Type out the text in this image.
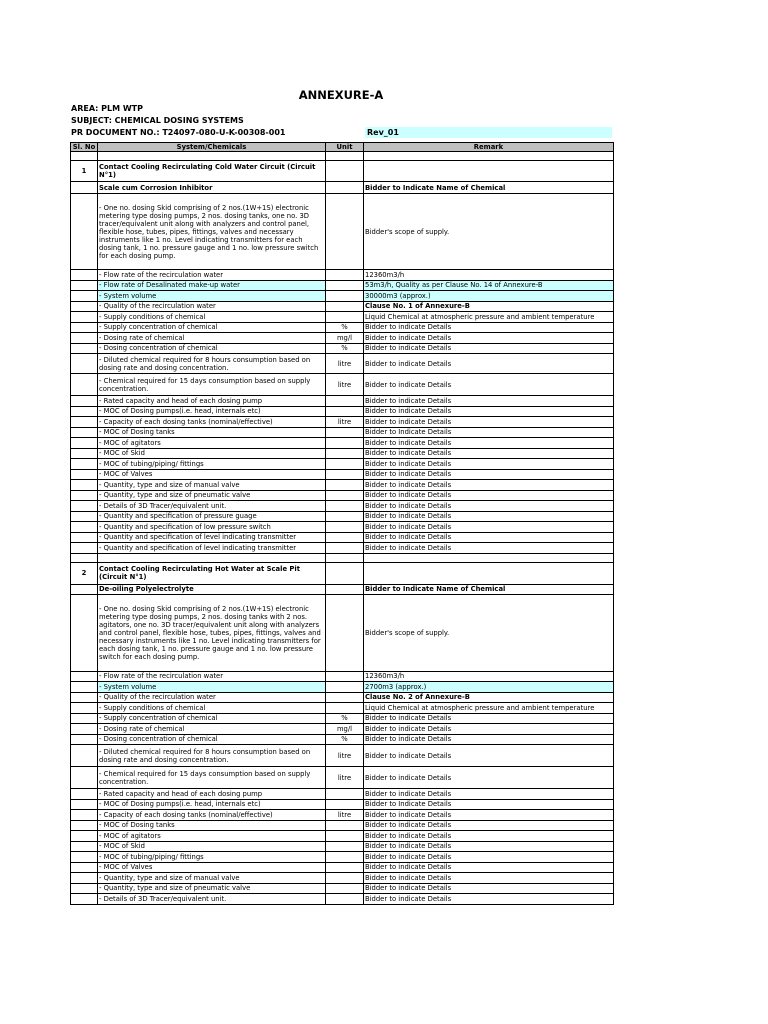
ANNEXURE-A
AREA: PLM WTP
SUBJECT: CHEMICAL DOSING SYSTEMS
PR DOCUMENT NO.: T24097-080-U-K-00308-001	Rev_01
Sl. No	System/Chemicals	Unit	Remark

1	Contact Cooling Recirculating Cold Water Circuit (Circuit N°1)		
	Scale cum Corrosion Inhibitor		Bidder to Indicate Name of Chemical
	- One no. dosing Skid comprising of 2 nos.(1W+1S) electronic metering type dosing pumps, 2 nos. dosing tanks, one no. 3D tracer/equivalent unit along with analyzers and control panel, flexible hose, tubes, pipes, fittings, valves and necessary instruments like 1 no. Level indicating transmitters for each dosing tank, 1 no. pressure gauge and 1 no. low pressure switch for each dosing pump.		Bidder's scope of supply.
	- Flow rate of the recirculation water		12360m3/h
	- Flow rate of Desalinated make-up water		53m3/h, Quality as per Clause No. 14 of Annexure-B
	- System volume		30000m3 (approx.)
	- Quality of the recirculation water		Clause No. 1 of Annexure-B
	- Supply conditions of chemical		Liquid Chemical at atmospheric pressure and ambient temperature
	- Supply concentration of chemical	%	Bidder to indicate Details
	- Dosing rate of chemical	mg/l	Bidder to indicate Details
	- Dosing concentration of chemical	%	Bidder to indicate Details
	- Diluted chemical required for 8 hours consumption based on dosing rate and dosing concentration.	litre	Bidder to indicate Details
	- Chemical required for 15 days consumption based on supply concentration.	litre	Bidder to indicate Details
	- Rated capacity and head of each dosing pump		Bidder to indicate Details
	- MOC of Dosing pumps(i.e. head, internals etc)		Bidder to indicate Details
	- Capacity of each dosing tanks (nominal/effective)	litre	Bidder to indicate Details
	- MOC of Dosing tanks		Bidder to Indicate Details
	- MOC of agitators		Bidder to indicate Details
	- MOC of Skid		Bidder to indicate Details
	- MOC of tubing/piping/ fittings		Bidder to indicate Details
	- MOC of Valves		Bidder to indicate Details
	- Quantity, type and size of manual valve		Bidder to indicate Details
	- Quantity, type and size of pneumatic valve		Bidder to indicate Details
	- Details of 3D Tracer/equivalent unit.		Bidder to indicate Details
	- Quantity and specification of pressure guage		Bidder to indicate Details
	- Quantity and specification of low pressure switch		Bidder to indicate Details
	- Quantity and specification of level indicating transmitter		Bidder to indicate Details
	- Quantity and specification of level indicating transmitter		Bidder to indicate Details

2	Contact Cooling Recirculating Hot Water at Scale Pit (Circuit N°1)		
	De-oiling Polyelectrolyte		Bidder to Indicate Name of Chemical
	- One no. dosing Skid comprising of 2 nos.(1W+1S) electronic metering type dosing pumps, 2 nos. dosing tanks with 2 nos. agitators, one no. 3D tracer/equivalent unit along with analyzers and control panel, flexible hose, tubes, pipes, fittings, valves and necessary instruments like 1 no. Level indicating transmitters for each dosing tank, 1 no. pressure gauge and 1 no. low pressure switch for each dosing pump.		Bidder's scope of supply.
	- Flow rate of the recirculation water		12360m3/h
	- System volume		2700m3 (approx.)
	- Quality of the recirculation water		Clause No. 2 of Annexure-B
	- Supply conditions of chemical		Liquid Chemical at atmospheric pressure and ambient temperature
	- Supply concentration of chemical	%	Bidder to indicate Details
	- Dosing rate of chemical	mg/l	Bidder to indicate Details
	- Dosing concentration of chemical	%	Bidder to indicate Details
	- Diluted chemical required for 8 hours consumption based on dosing rate and dosing concentration.	litre	Bidder to indicate Details
	- Chemical required for 15 days consumption based on supply concentration.	litre	Bidder to indicate Details
	- Rated capacity and head of each dosing pump		Bidder to indicate Details
	- MOC of Dosing pumps(i.e. head, internals etc)		Bidder to Indicate Details
	- Capacity of each dosing tanks (nominal/effective)	litre	Bidder to indicate Details
	- MOC of Dosing tanks		Bidder to indicate Details
	- MOC of agitators		Bidder to indicate Details
	- MOC of Skid		Bidder to indicate Details
	- MOC of tubing/piping/ fittings		Bidder to indicate Details
	- MOC of Valves		Bidder to indicate Details
	- Quantity, type and size of manual valve		Bidder to indicate Details
	- Quantity, type and size of pneumatic valve		Bidder to indicate Details
	- Details of 3D Tracer/equivalent unit.		Bidder to indicate Details
